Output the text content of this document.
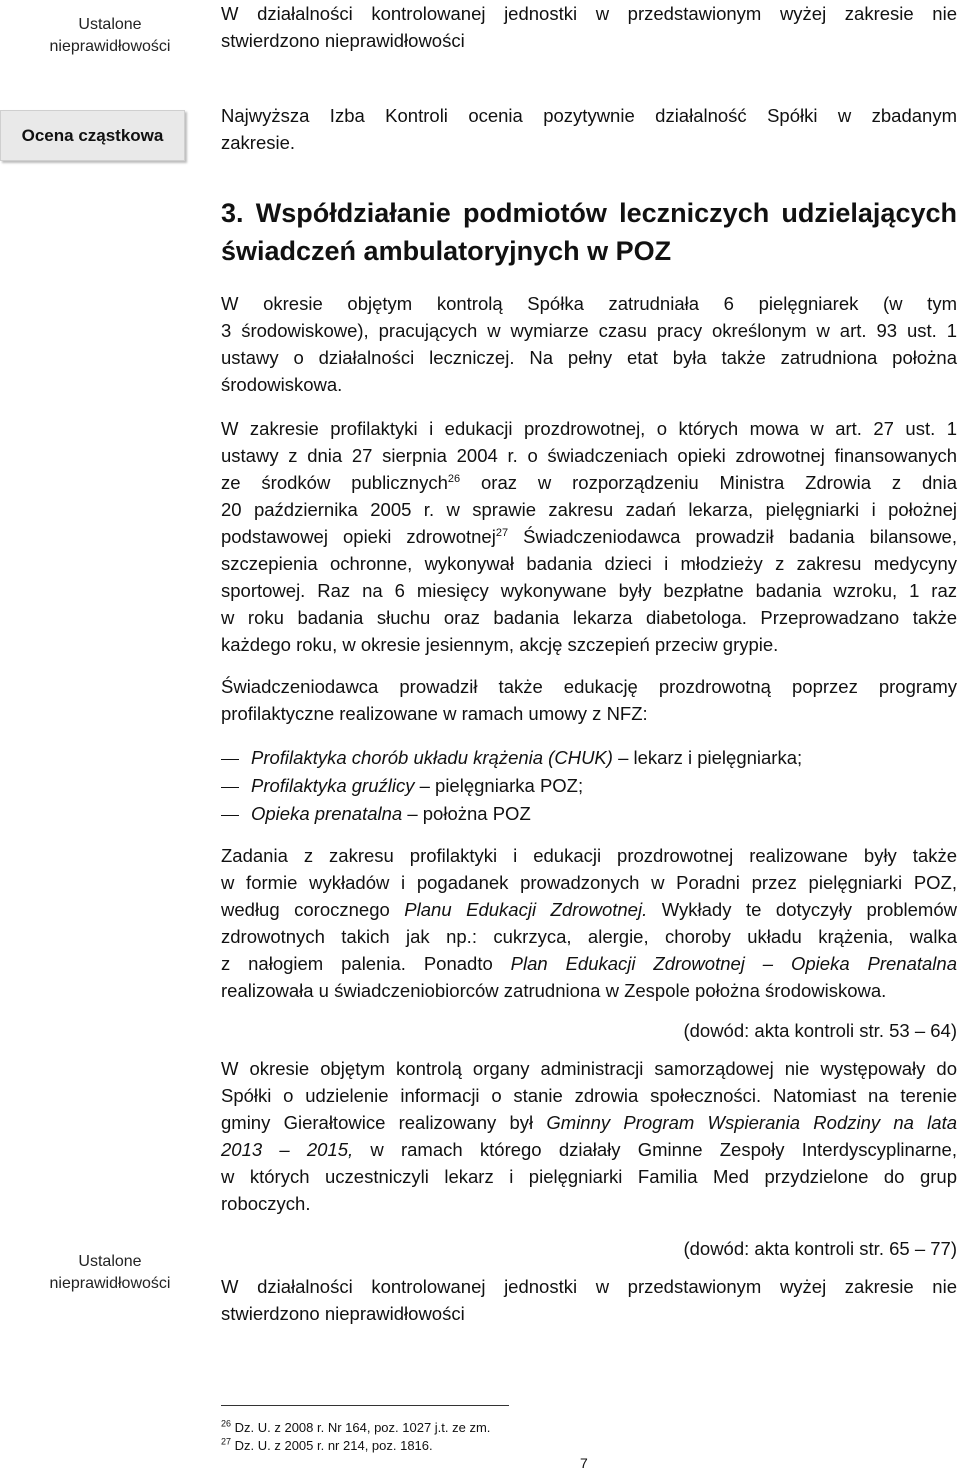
Ustalone
nieprawidłowości
W działalności kontrolowanej jednostki w przedstawionym wyżej zakresie nie
stwierdzono nieprawidłowości
Ocena cząstkowa
Najwyższa Izba Kontroli ocenia pozytywnie działalność Spółki w zbadanym
zakresie.
3. Współdziałanie podmiotów leczniczych udzielających
świadczeń ambulatoryjnych w POZ
W okresie objętym kontrolą Spółka zatrudniała 6 pielęgniarek (w tym
3 środowiskowe), pracujących w wymiarze czasu pracy określonym w art. 93 ust. 1
ustawy o działalności leczniczej. Na pełny etat była także zatrudniona położna
środowiskowa.
W zakresie profilaktyki i edukacji prozdrowotnej, o których mowa w art. 27 ust. 1
ustawy z dnia 27 sierpnia 2004 r. o świadczeniach opieki zdrowotnej finansowanych
ze środków publicznych$^{26}$ oraz w rozporządzeniu Ministra Zdrowia z dnia
20 października 2005 r. w sprawie zakresu zadań lekarza, pielęgniarki i położnej
podstawowej opieki zdrowotnej$^{27}$ Świadczeniodawca prowadził badania bilansowe,
szczepienia ochronne, wykonywał badania dzieci i młodzieży z zakresu medycyny
sportowej. Raz na 6 miesięcy wykonywane były bezpłatne badania wzroku, 1 raz
w roku badania słuchu oraz badania lekarza diabetologa. Przeprowadzano także
każdego roku, w okresie jesiennym, akcję szczepień przeciw grypie.
Świadczeniodawca prowadził także edukację prozdrowotną poprzez programy
profilaktyczne realizowane w ramach umowy z NFZ:
Profilaktyka chorób układu krążenia (CHUK) – lekarz i pielęgniarka;
Profilaktyka gruźlicy – pielęgniarka POZ;
Opieka prenatalna – położna POZ
Zadania z zakresu profilaktyki i edukacji prozdrowotnej realizowane były także
w formie wykładów i pogadanek prowadzonych w Poradni przez pielęgniarki POZ,
według corocznego Planu Edukacji Zdrowotnej. Wykłady te dotyczyły problemów
zdrowotnych takich jak np.: cukrzyca, alergie, choroby układu krążenia, walka
z nałogiem palenia. Ponadto Plan Edukacji Zdrowotnej – Opieka Prenatalna
realizowała u świadczeniobiorców zatrudniona w Zespole położna środowiskowa.
(dowód: akta kontroli str. 53 – 64)
W okresie objętym kontrolą organy administracji samorządowej nie występowały do
Spółki o udzielenie informacji o stanie zdrowia społeczności. Natomiast na terenie
gminy Gierałtowice realizowany był Gminny Program Wspierania Rodziny na lata
2013 – 2015, w ramach którego działały Gminne Zespoły Interdyscyplinarne,
w których uczestniczyli lekarz i pielęgniarki Familia Med przydzielone do grup
roboczych.
(dowód: akta kontroli str. 65 – 77)
Ustalone
nieprawidłowości	W działalności kontrolowanej jednostki w przedstawionym wyżej zakresie nie
stwierdzono nieprawidłowości
$^{26}$ Dz. U. z 2008 r. Nr 164, poz. 1027 j.t. ze zm.
$^{27}$ Dz. U. z 2005 r. nr 214, poz. 1816.
7
